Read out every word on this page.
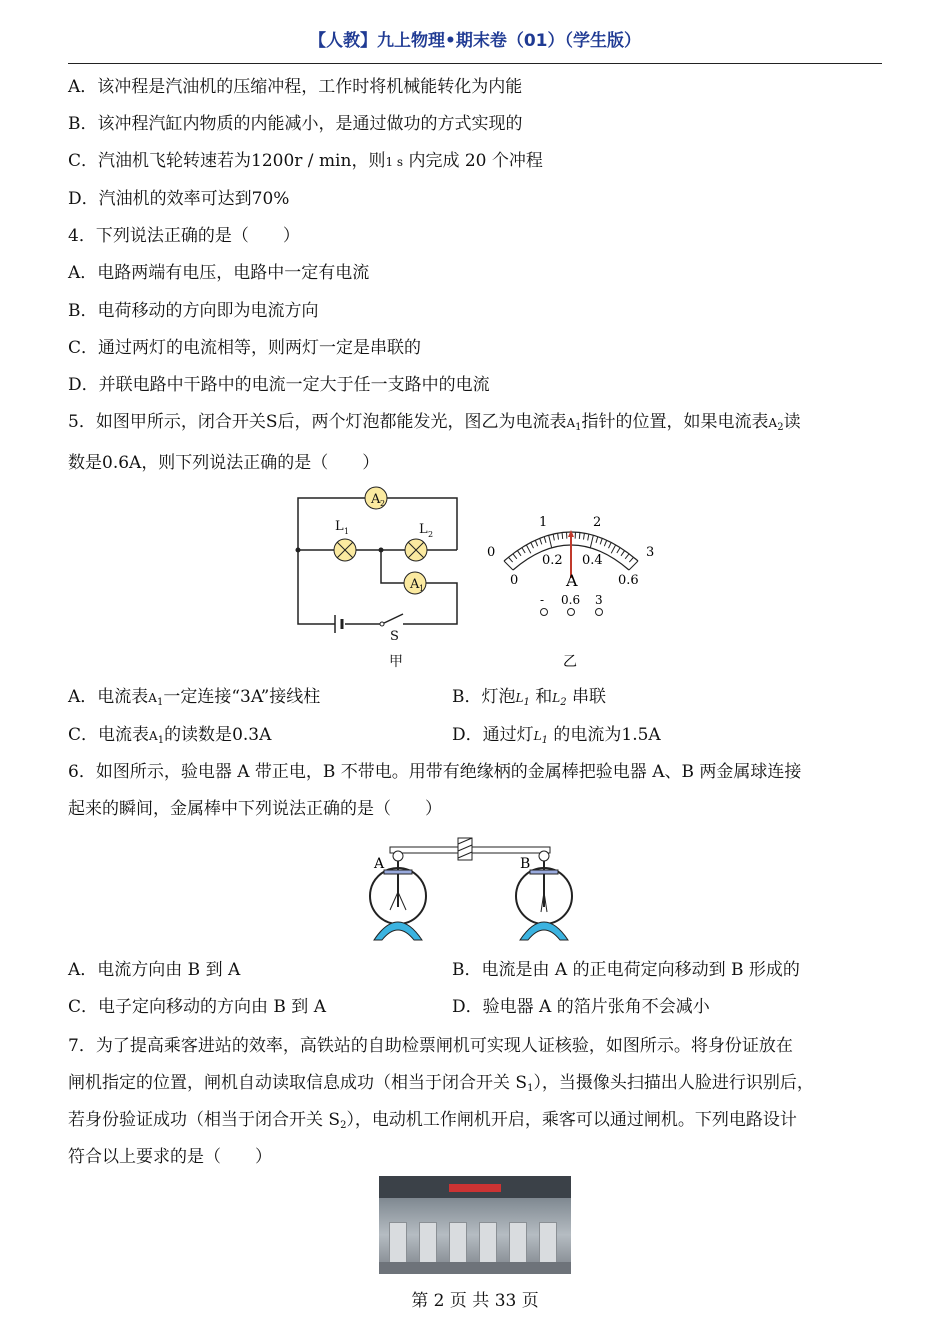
【人教】九上物理•期末卷（01）（学生版）
A．该冲程是汽油机的压缩冲程，工作时将机械能转化为内能
B．该冲程汽缸内物质的内能减小，是通过做功的方式实现的
C．汽油机飞轮转速若为1200r / min，则1 s 内完成 20 个冲程
D．汽油机的效率可达到70%
4．下列说法正确的是（　　）
A．电路两端有电压，电路中一定有电流
B．电荷移动的方向即为电流方向
C．通过两灯的电流相等，则两灯一定是串联的
D．并联电路中干路中的电流一定大于任一支路中的电流
5．如图甲所示，闭合开关S后，两个灯泡都能发光，图乙为电流表$A_1$指针的位置，如果电流表$A_2$读
数是0.6A，则下列说法正确的是（　　）
A 2
A 1
L 1	L 2
S
甲
0
1	2
3
0
0.2 0.4
0.6
A
- 0.6 3
乙
A．电流表$A_1$一定连接“3A”接线柱	B．灯泡$L_1$ 和$L_2$ 串联
C．电流表$A_1$的读数是0.3A	D．通过灯$L_1$ 的电流为1.5A
6．如图所示，验电器 A 带正电，B 不带电。用带有绝缘柄的金属棒把验电器 A、B 两金属球连接
起来的瞬间，金属棒中下列说法正确的是（　　）
A	B
A．电流方向由 B 到 A	B．电流是由 A 的正电荷定向移动到 B 形成的
C．电子定向移动的方向由 B 到 A	D．验电器 A 的箔片张角不会减小
7．为了提高乘客进站的效率，高铁站的自助检票闸机可实现人证核验，如图所示。将身份证放在
闸机指定的位置，闸机自动读取信息成功（相当于闭合开关 $S_1$），当摄像头扫描出人脸进行识别后，
若身份验证成功（相当于闭合开关 $S_2$），电动机工作闸机开启，乘客可以通过闸机。下列电路设计
符合以上要求的是（　　）
第 2 页 共 33 页
